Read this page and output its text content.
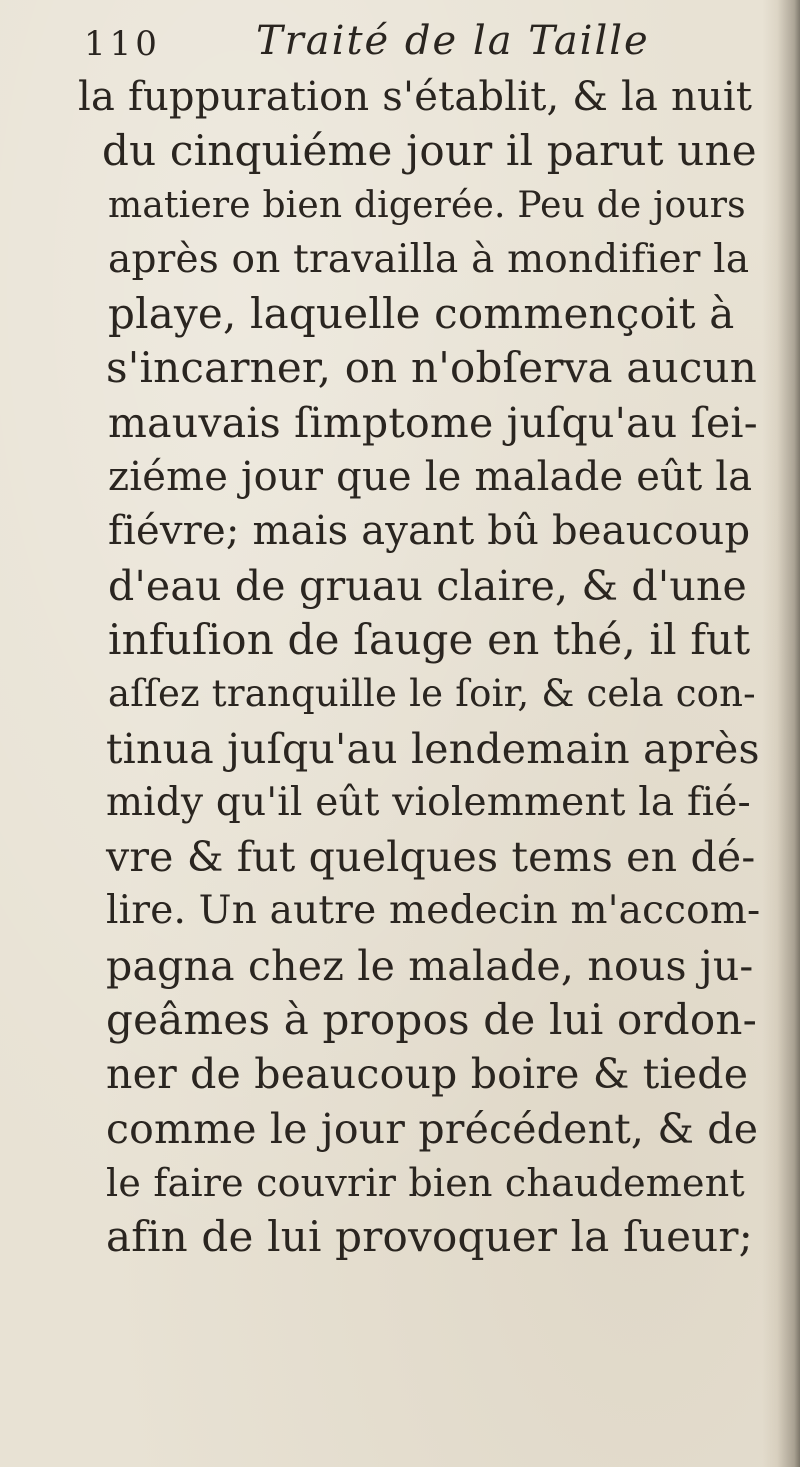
110 Traité de la Taille
la fuppuration s'établit, & la nuit
du cinquiéme jour il parut une
matiere bien digerée. Peu de jours
après on travailla à mondifier la
playe, laquelle commençoit à
s'incarner, on n'obſerva aucun
mauvais ſimptome juſqu'au ſei-
ziéme jour que le malade eût la
fiévre; mais ayant bû beaucoup
d'eau de gruau claire, & d'une
infuſion de ſauge en thé, il fut
aſſez tranquille le ſoir, & cela con-
tinua juſqu'au lendemain après
midy qu'il eût violemment la fié-
vre & fut quelques tems en dé-
lire. Un autre medecin m'accom-
pagna chez le malade, nous ju-
geâmes à propos de lui ordon-
ner de beaucoup boire & tiede
comme le jour précédent, & de
le faire couvrir bien chaudement
afin de lui provoquer la ſueur;
